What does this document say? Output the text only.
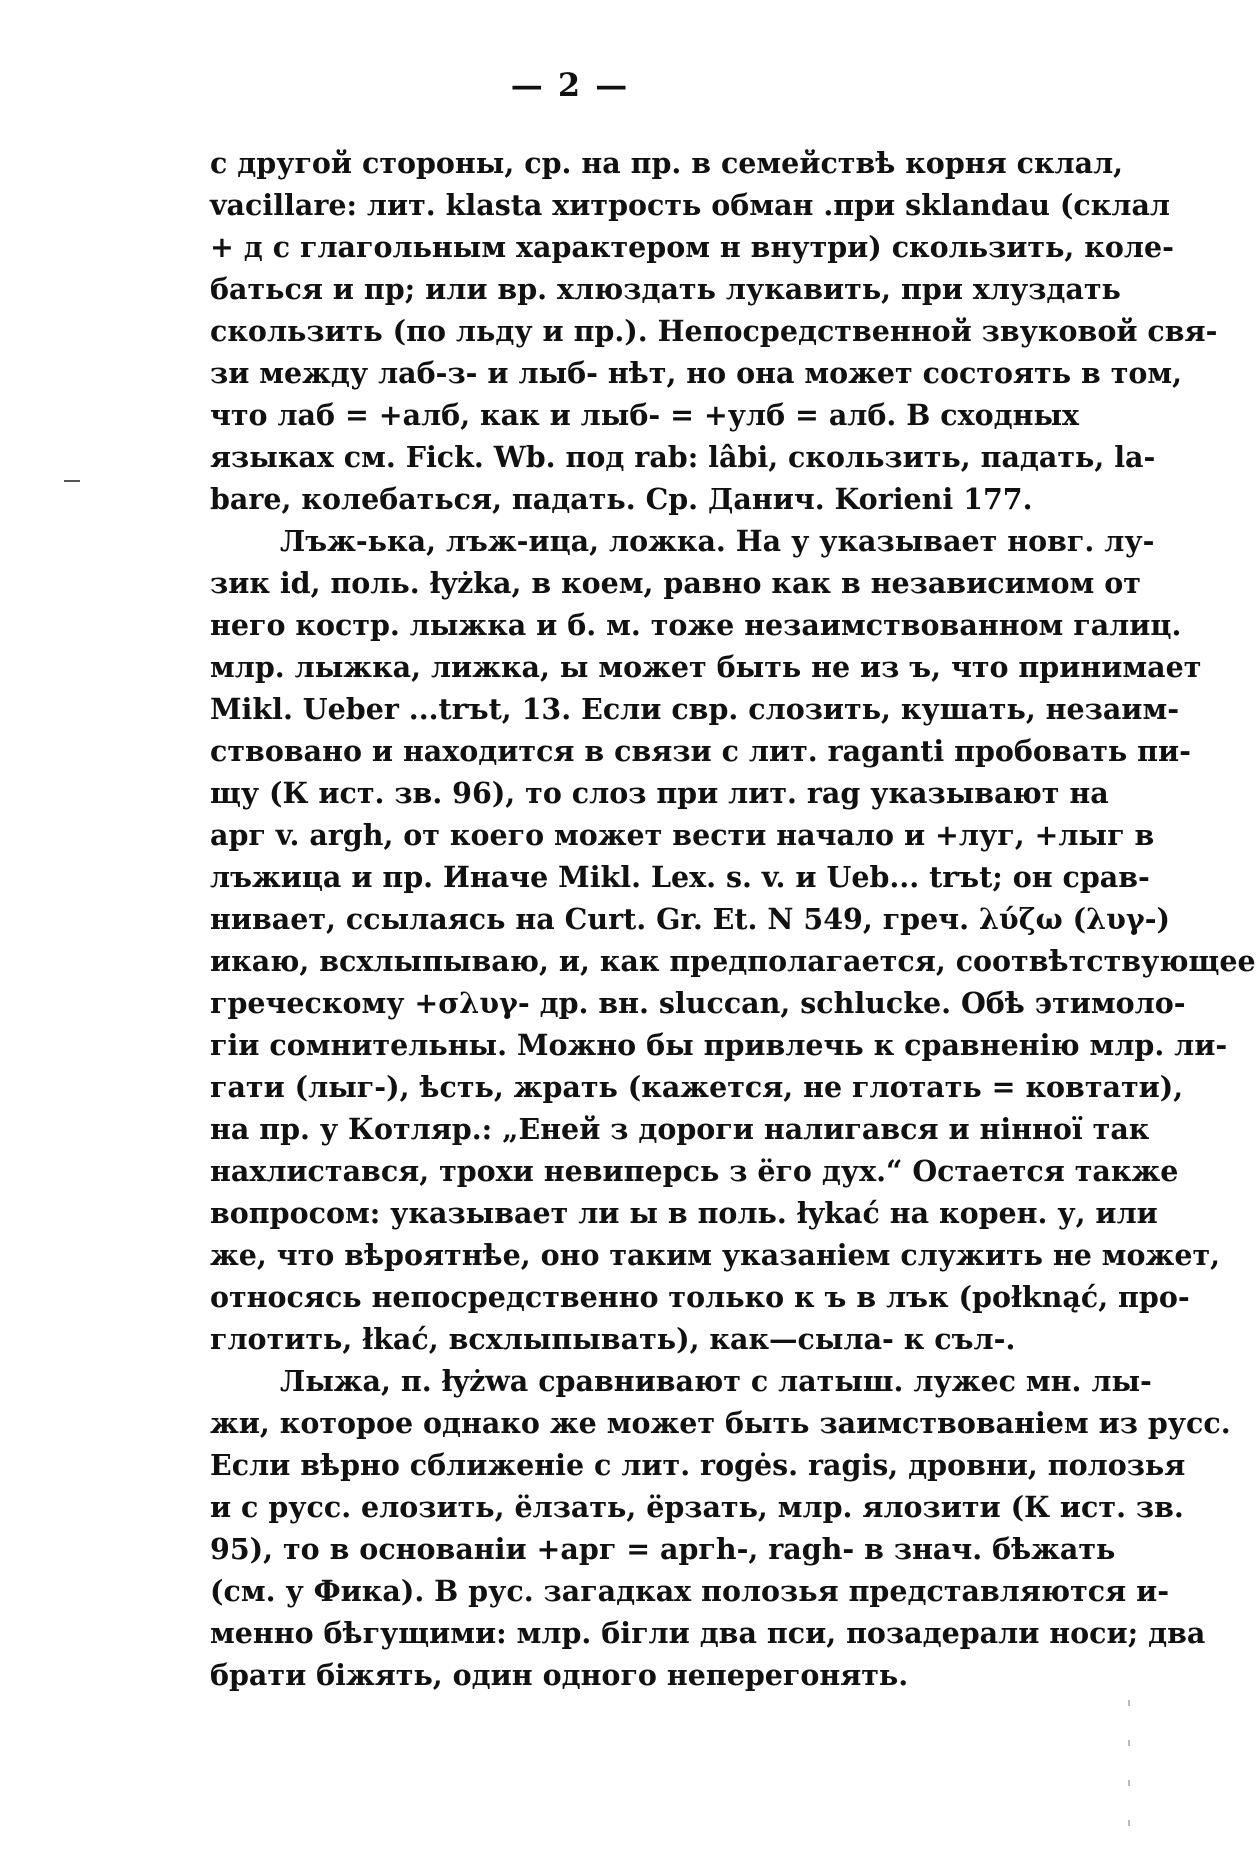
— 2 —
с другой стороны, ср. на пр. в семействѣ корня склал,
vacillare: лит. klasta хитрость обман .при sklandau (склал
+ д с глагольным характером н внутри) скользить, коле-
баться и пр; или вр. хлюздать лукавить, при хлуздать
скользить (по льду и пр.). Непосредственной звуковой свя-
зи между лаб-з- и лыб- нѣт, но она может состоять в том,
что лаб = +алб, как и лыб- = +улб = алб. В сходных
языках см. Fick. Wb. под rab: lâbi, скользить, падать, la-
bare, колебаться, падать. Ср. Данич. Korieni 177.
Лъж-ька, лъж-ица, ложка. На у указывает новг. лу-
зик id, поль. łyżka, в коем, равно как в независимом от
него костр. лыжка и б. м. тоже незаимствованном галиц.
млр. лыжка, лижка, ы может быть не из ъ, что принимает
Mikl. Ueber ...trъt, 13. Если свр. слозить, кушать, незаим-
ствовано и находится в связи с лит. raganti пробовать пи-
щу (К ист. зв. 96), то слоз при лит. rag указывают на
арг v. argh, от коего может вести начало и +луг, +лыг в
лъжица и пр. Иначе Mikl. Lex. s. v. и Ueb... trъt; он срав-
нивает, ссылаясь на Curt. Gr. Et. N 549, греч. λύζω (λυγ-)
икаю, всхлыпываю, и, как предполагается, соотвѣтствующее
греческому +σλυγ- др. вн. sluccan, schlucke. Обѣ этимоло-
гіи сомнительны. Можно бы привлечь к сравненію млр. ли-
гати (лыг-), ѣсть, жрать (кажется, не глотать = ковтати),
на пр. у Котляр.: „Еней з дороги налигався и нінної так
нахлистався, трохи невиперсь з ёго дух.“ Остается также
вопросом: указывает ли ы в поль. łykać на корен. у, или
же, что вѣроятнѣе, оно таким указаніем служить не может,
относясь непосредственно только к ъ в лък (połknąć, про-
глотить, łkać, всхлыпывать), как—сыла- к съл-.
Лыжа, п. łyżwa сравнивают с латыш. лужес мн. лы-
жи, которое однако же может быть заимствованіем из русс.
Если вѣрно сближеніе с лит. rogės. ragis, дровни, полозья
и с русс. елозить, ёлзать, ёрзать, млр. ялозити (К ист. зв.
95), то в основаніи +арг = аргh-, ragh- в знач. бѣжать
(см. у Фика). В рус. загадках полозья представляются и-
менно бѣгущими: млр. бігли два пси, позадерали носи; два
брати біжять, один одного неперегонять.
